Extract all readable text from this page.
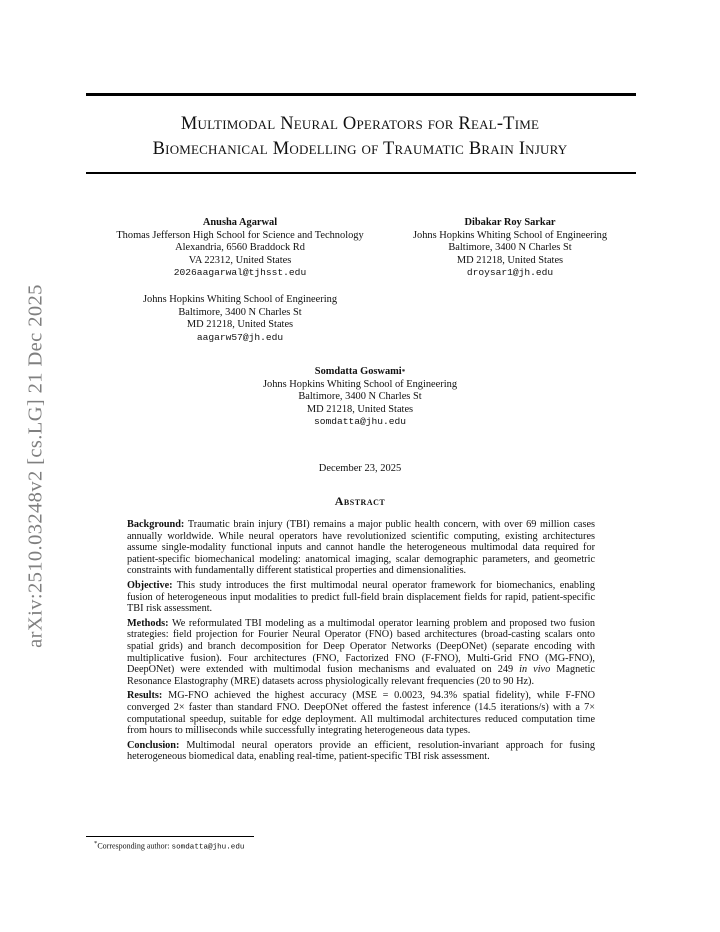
Multimodal Neural Operators for Real-Time
Biomechanical Modelling of Traumatic Brain Injury
arXiv:2510.03248v2 [cs.LG] 21 Dec 2025
Anusha Agarwal
Thomas Jefferson High School for Science and Technology
Alexandria, 6560 Braddock Rd
VA 22312, United States
2026aagarwal@tjhsst.edu
Dibakar Roy Sarkar
Johns Hopkins Whiting School of Engineering
Baltimore, 3400 N Charles St
MD 21218, United States
droysar1@jh.edu
Johns Hopkins Whiting School of Engineering
Baltimore, 3400 N Charles St
MD 21218, United States
aagarw57@jh.edu
Somdatta Goswami*
Johns Hopkins Whiting School of Engineering
Baltimore, 3400 N Charles St
MD 21218, United States
somdatta@jhu.edu
December 23, 2025
Abstract

Background: Traumatic brain injury (TBI) remains a major public health concern, with over 69 million cases annually worldwide. While neural operators have revolutionized scientific computing, existing architectures assume single-modality functional inputs and cannot handle the heterogeneous multimodal data required for patient-specific biomechanical modeling: anatomical imaging, scalar demographic parameters, and geometric constraints with fundamentally different statistical properties and dimensionalities.

Objective: This study introduces the first multimodal neural operator framework for biomechanics, enabling fusion of heterogeneous input modalities to predict full-field brain displacement fields for rapid, patient-specific TBI risk assessment.

Methods: We reformulated TBI modeling as a multimodal operator learning problem and proposed two fusion strategies: field projection for Fourier Neural Operator (FNO) based architectures (broad-casting scalars onto spatial grids) and branch decomposition for Deep Operator Networks (DeepONet) (separate encoding with multiplicative fusion). Four architectures (FNO, Factorized FNO (F-FNO), Multi-Grid FNO (MG-FNO), DeepONet) were extended with multimodal fusion mechanisms and evaluated on 249 in vivo Magnetic Resonance Elastography (MRE) datasets across physiologically relevant frequencies (20 to 90 Hz).

Results: MG-FNO achieved the highest accuracy (MSE = 0.0023, 94.3% spatial fidelity), while F-FNO converged 2× faster than standard FNO. DeepONet offered the fastest inference (14.5 iterations/s) with a 7× computational speedup, suitable for edge deployment. All multimodal architectures reduced computation time from hours to milliseconds while successfully integrating heterogeneous data types.

Conclusion: Multimodal neural operators provide an efficient, resolution-invariant approach for fusing heterogeneous biomedical data, enabling real-time, patient-specific TBI risk assessment.

*Corresponding author: somdatta@jhu.edu
